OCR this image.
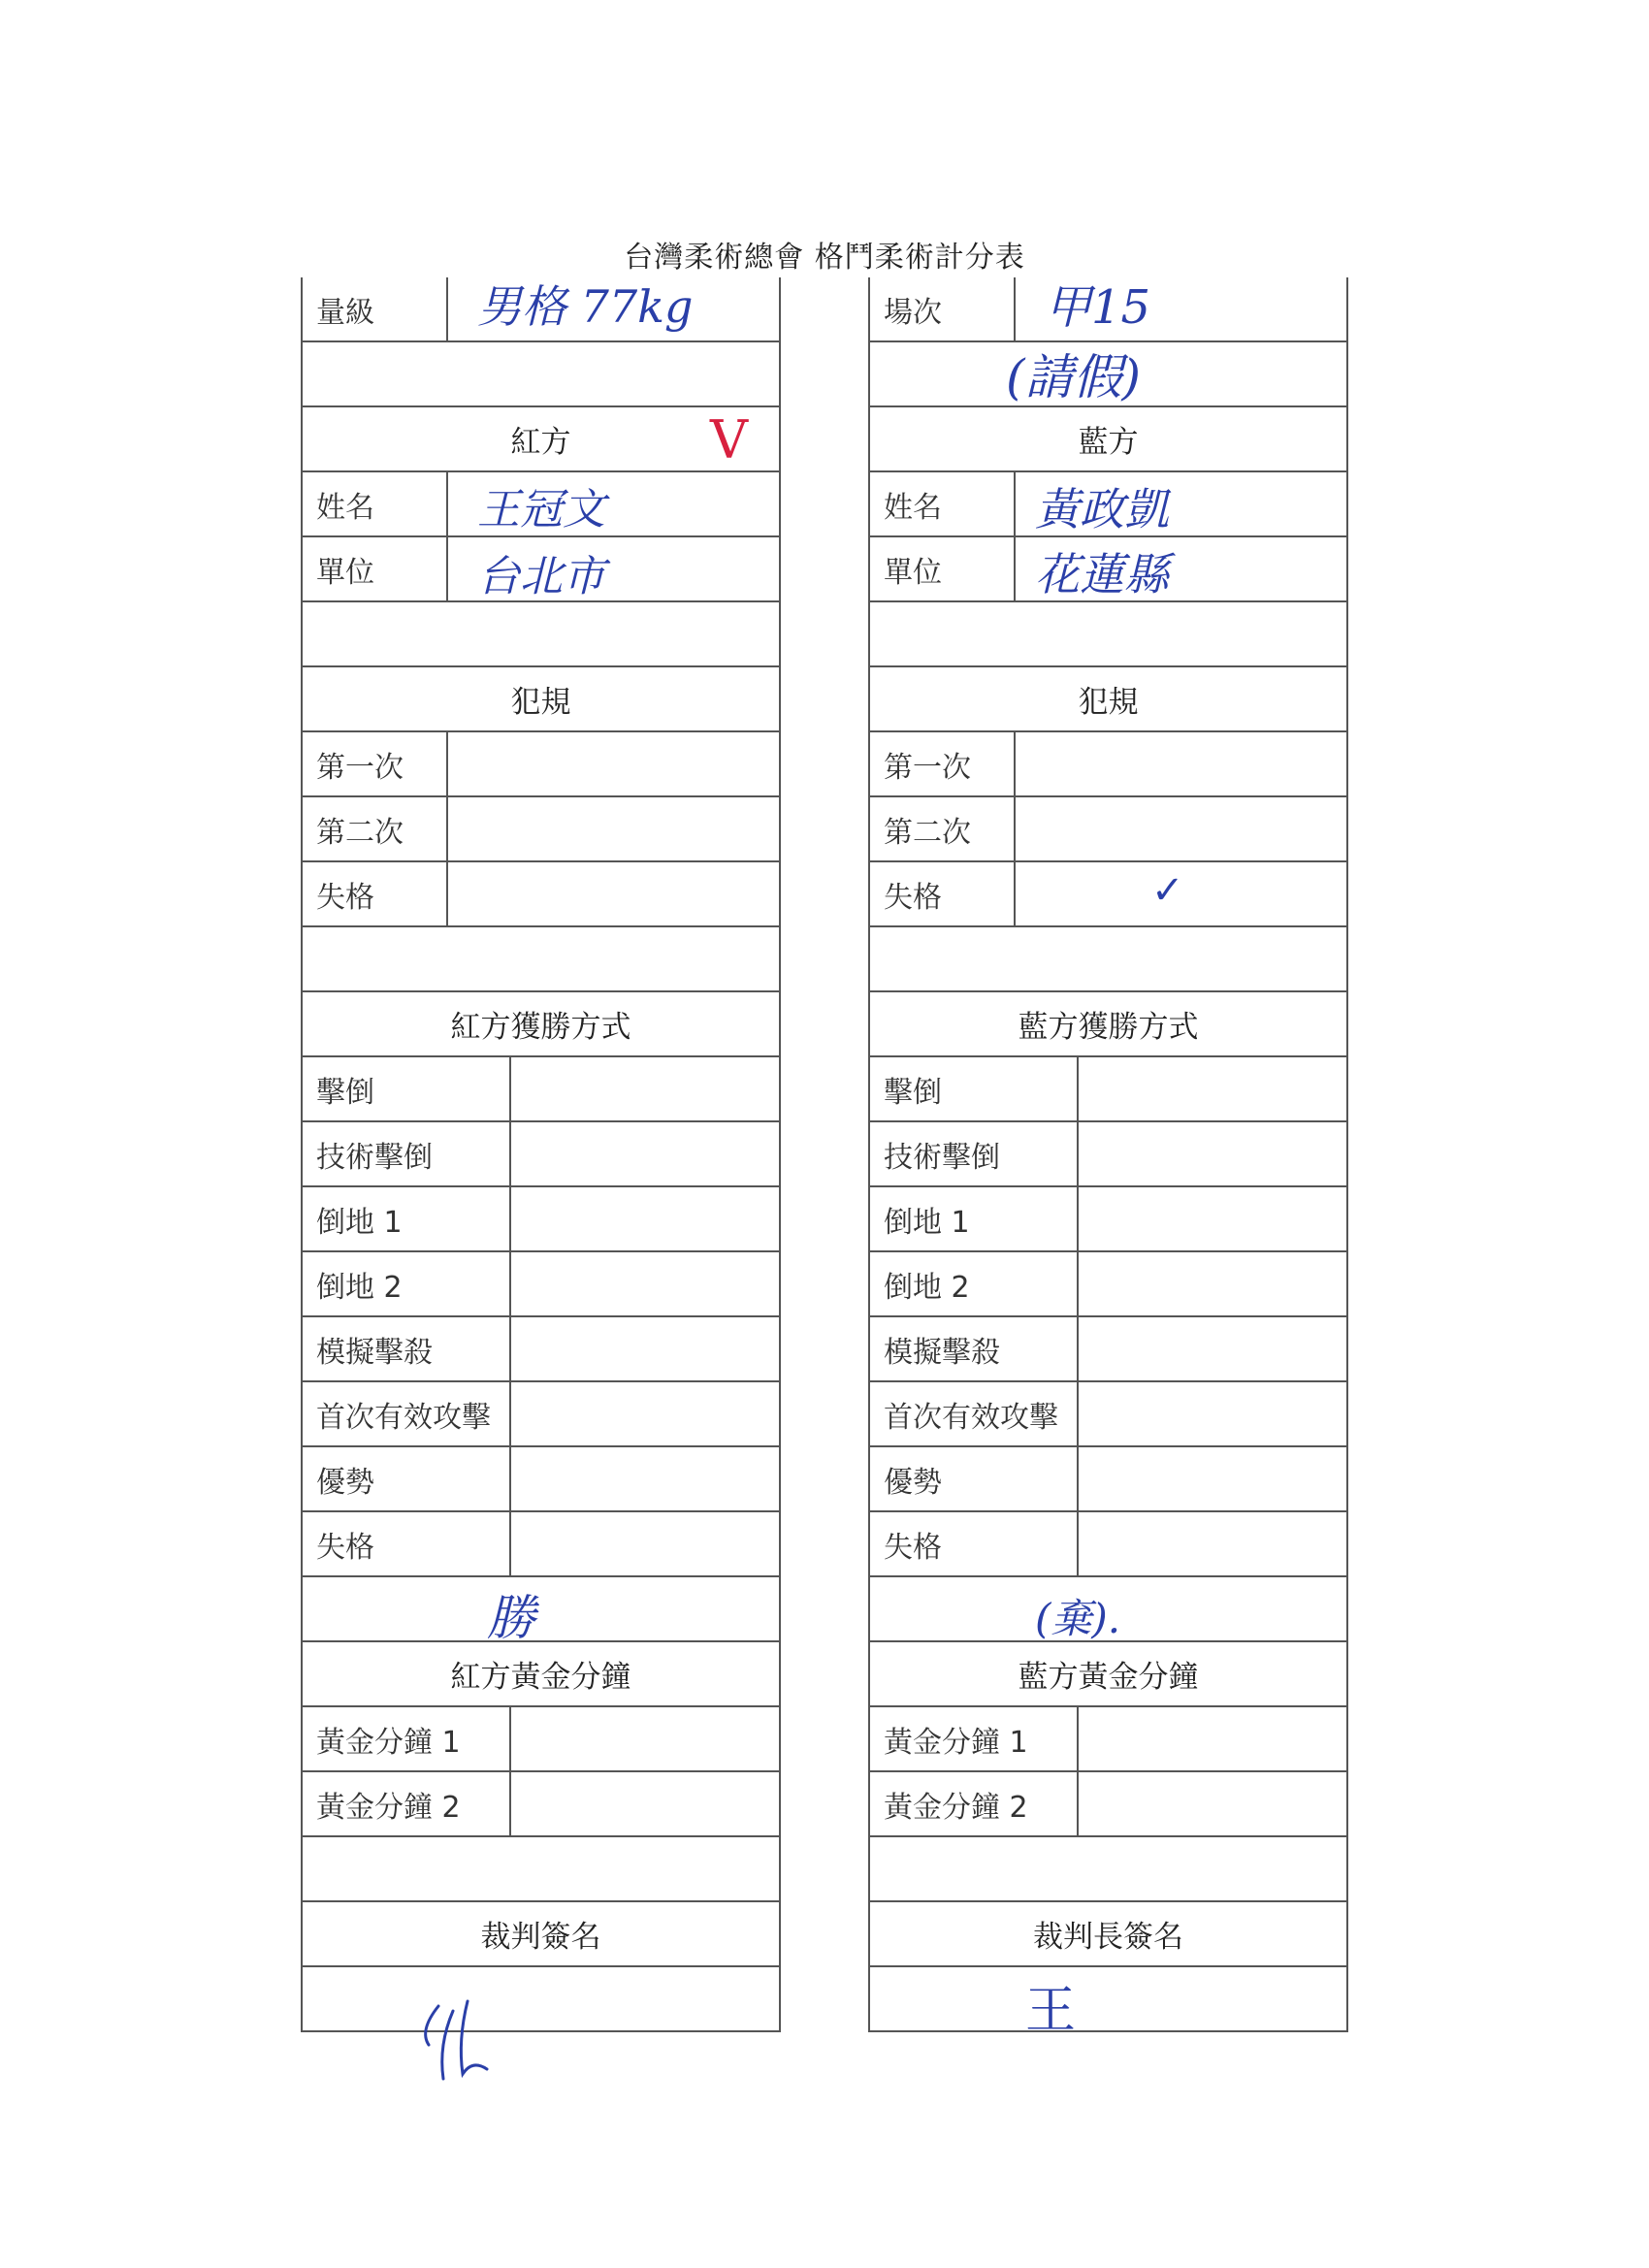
台灣柔術總會 格鬥柔術計分表
量級	男格 77kg
紅方	V
姓名	王冠文
單位	台北市
犯規
第一次
第二次
失格
紅方獲勝方式
擊倒
技術擊倒
倒地 1
倒地 2
模擬擊殺
首次有效攻擊
優勢
失格
勝
紅方黃金分鐘
黃金分鐘 1
黃金分鐘 2
裁判簽名
場次	甲15
(請假)
藍方
姓名	黃政凱
單位	花蓮縣
犯規
第一次
第二次
失格	✓
藍方獲勝方式
擊倒
技術擊倒
倒地 1
倒地 2
模擬擊殺
首次有效攻擊
優勢
失格
(棄).
藍方黃金分鐘
黃金分鐘 1
黃金分鐘 2
裁判長簽名
王
